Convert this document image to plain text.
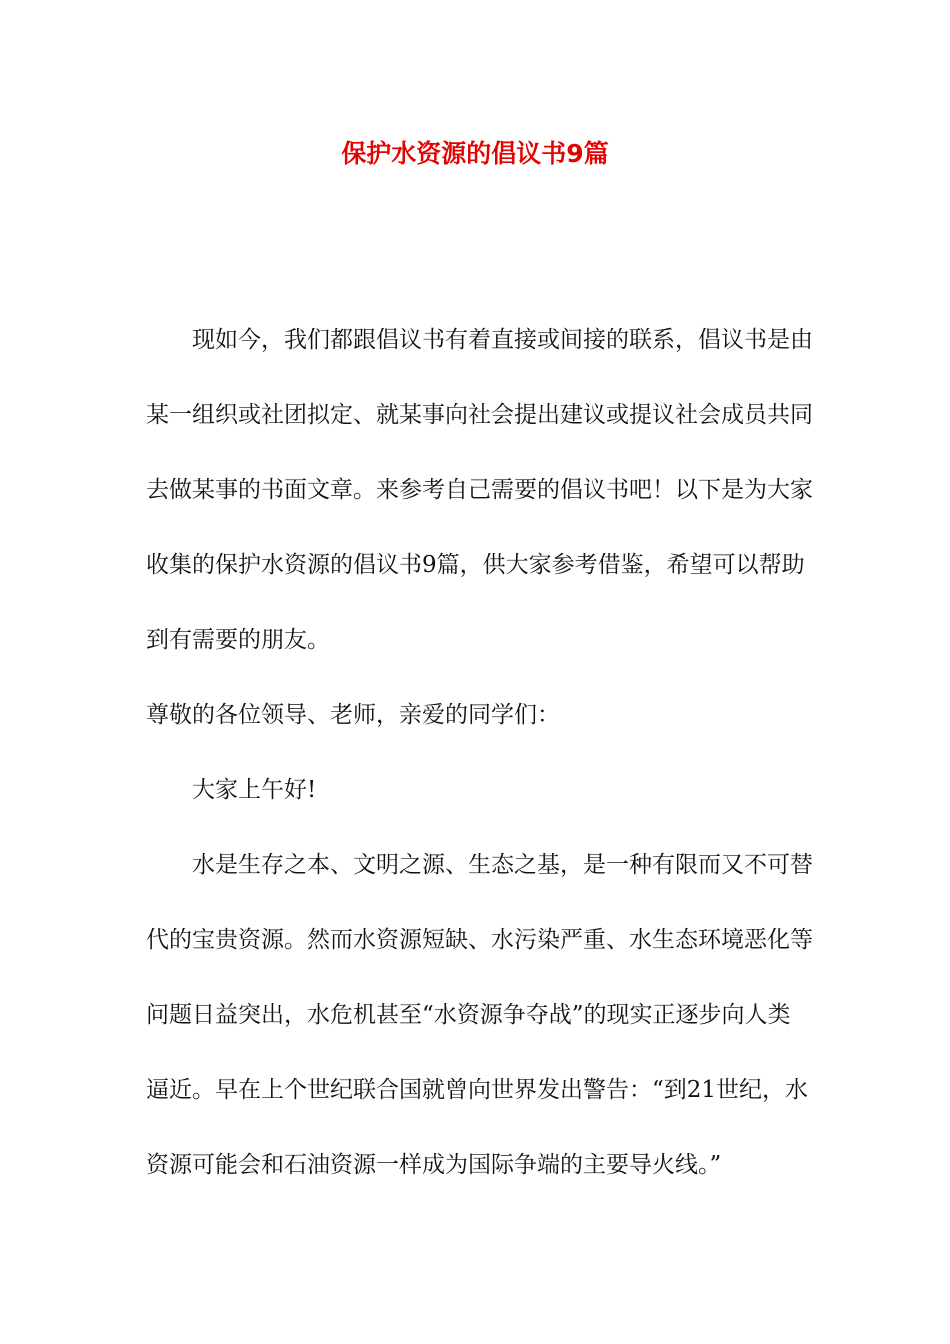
保护水资源的倡议书9篇

现如今，我们都跟倡议书有着直接或间接的联系，倡议书是由

某一组织或社团拟定、就某事向社会提出建议或提议社会成员共同

去做某事的书面文章。来参考自己需要的倡议书吧！以下是为大家

收集的保护水资源的倡议书9篇，供大家参考借鉴，希望可以帮助

到有需要的朋友。

尊敬的各位领导、老师，亲爱的同学们：

大家上午好!

水是生存之本、文明之源、生态之基，是一种有限而又不可替

代的宝贵资源。然而水资源短缺、水污染严重、水生态环境恶化等

问题日益突出，水危机甚至“水资源争夺战”的现实正逐步向人类

逼近。早在上个世纪联合国就曾向世界发出警告：“到21世纪，水

资源可能会和石油资源一样成为国际争端的主要导火线。”
